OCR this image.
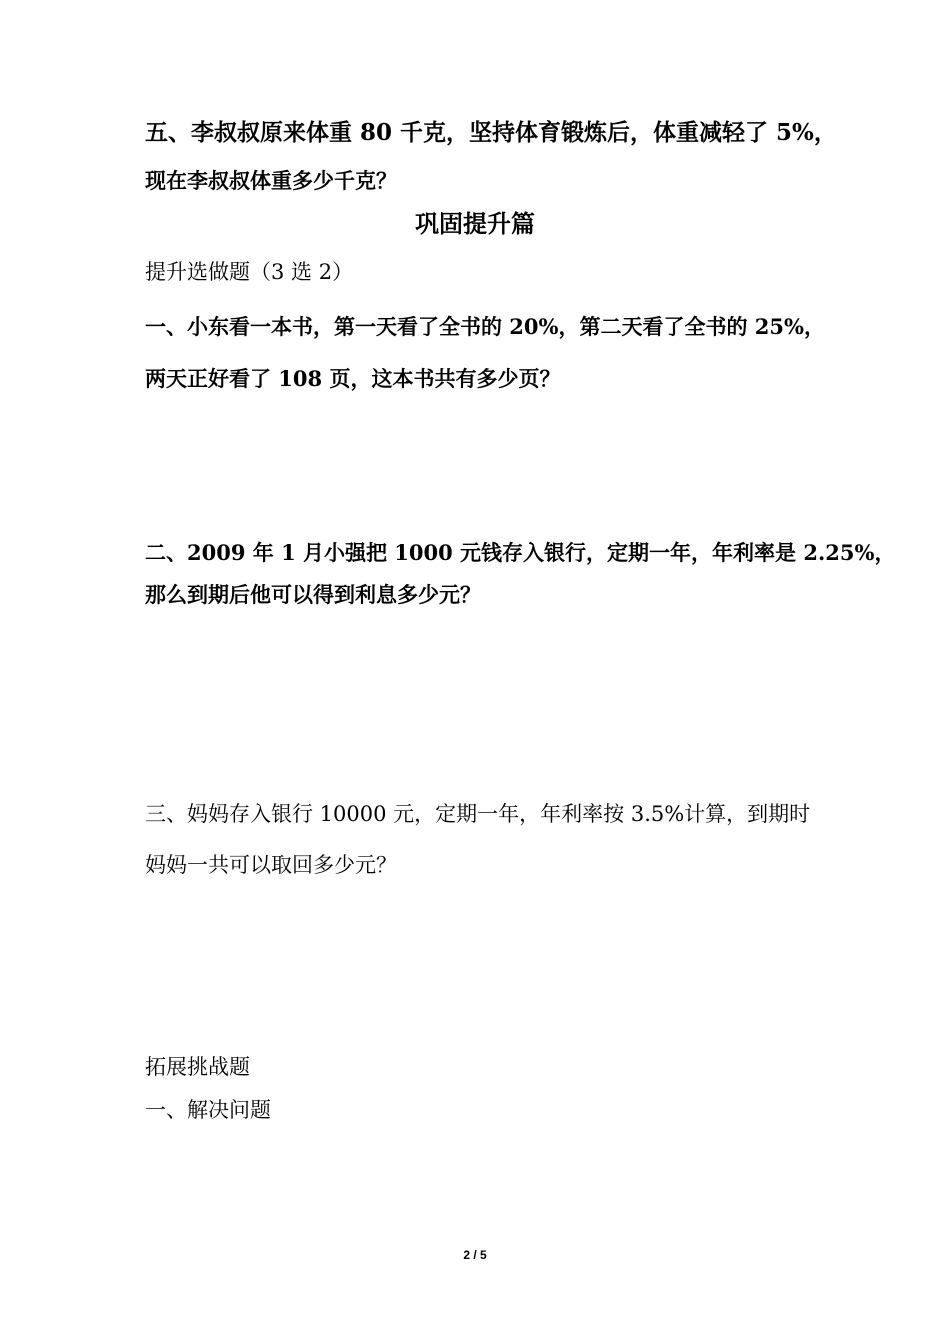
五、李叔叔原来体重 80 千克，坚持体育锻炼后，体重减轻了 5%，
现在李叔叔体重多少千克？
巩固提升篇
提升选做题（3 选 2）
一、小东看一本书，第一天看了全书的 20%，第二天看了全书的 25%，
两天正好看了 108 页，这本书共有多少页？
二、2009 年 1 月小强把 1000 元钱存入银行，定期一年，年利率是 2.25%，
那么到期后他可以得到利息多少元？
三、妈妈存入银行 10000 元，定期一年，年利率按 3.5%计算，到期时
妈妈一共可以取回多少元？
拓展挑战题
一、解决问题
2 / 5
